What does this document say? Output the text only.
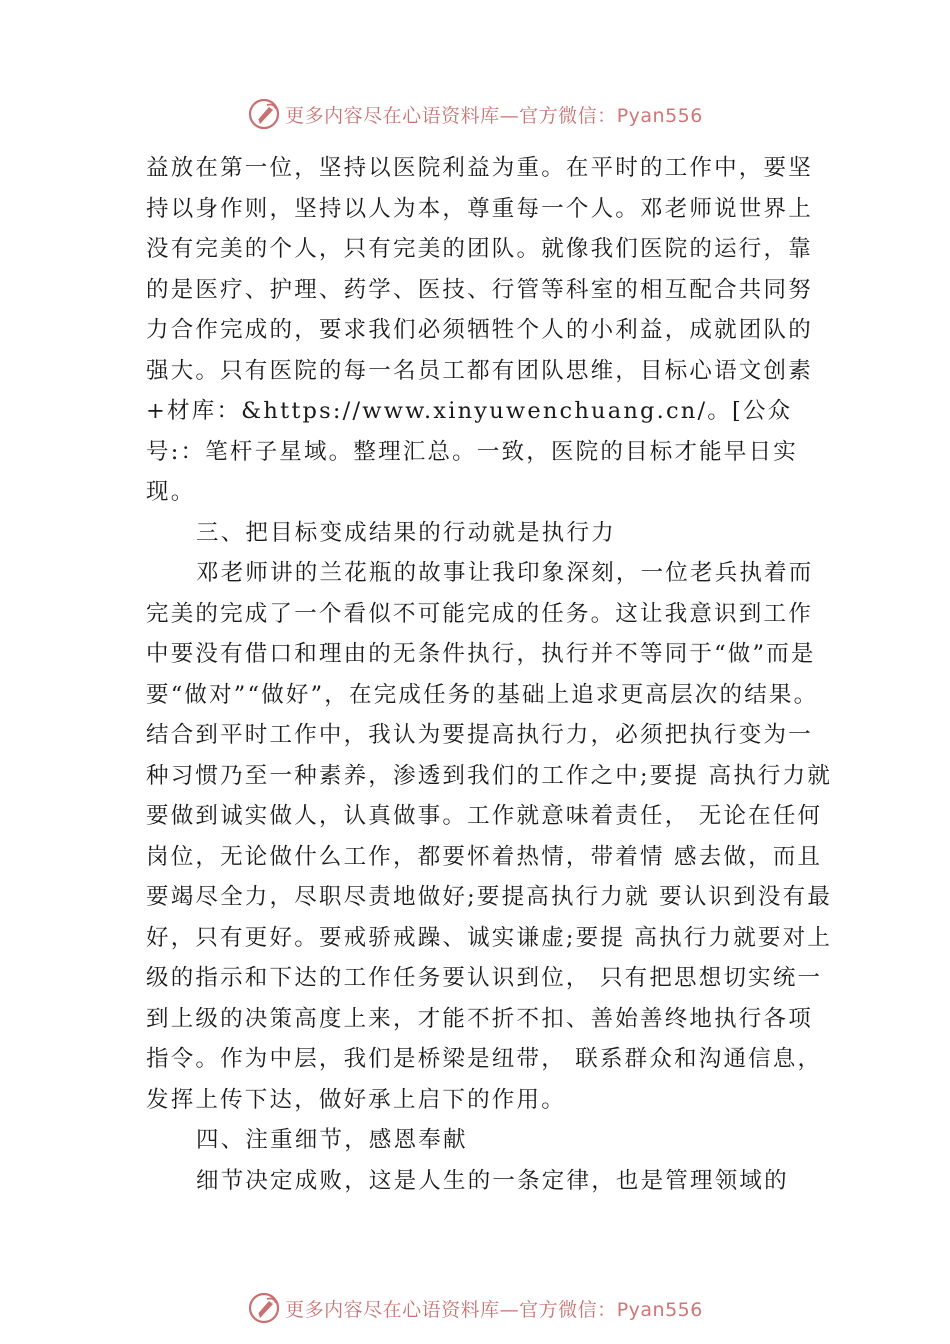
更多内容尽在心语资料库—官方微信：Pyan556

益放在第一位，坚持以医院利益为重。在平时的工作中，要坚持以身作则，坚持以人为本，尊重每一个人。邓老师说世界上没有完美的个人，只有完美的团队。就像我们医院的运行，靠的是医疗、护理、药学、医技、行管等科室的相互配合共同努力合作完成的，要求我们必须牺牲个人的小利益，成就团队的强大。只有医院的每一名员工都有团队思维，目标心语文创素+材库：&https://www.xinyuwenchuang.cn/。[公众号:：笔杆子星域。整理汇总。一致，医院的目标才能早日实现。

三、把目标变成结果的行动就是执行力

邓老师讲的兰花瓶的故事让我印象深刻，一位老兵执着而完美的完成了一个看似不可能完成的任务。这让我意识到工作中要没有借口和理由的无条件执行，执行并不等同于“做”而是要“做对”“做好”，在完成任务的基础上追求更高层次的结果。结合到平时工作中，我认为要提高执行力，必须把执行变为一种习惯乃至一种素养，渗透到我们的工作之中;要提 高执行力就要做到诚实做人，认真做事。工作就意味着责任， 无论在任何岗位，无论做什么工作，都要怀着热情，带着情 感去做，而且要竭尽全力，尽职尽责地做好;要提高执行力就 要认识到没有最好，只有更好。要戒骄戒躁、诚实谦虚;要提 高执行力就要对上级的指示和下达的工作任务要认识到位， 只有把思想切实统一到上级的决策高度上来，才能不折不扣、善始善终地执行各项指令。作为中层，我们是桥梁是纽带， 联系群众和沟通信息，发挥上传下达，做好承上启下的作用。

四、注重细节，感恩奉献

细节决定成败，这是人生的一条定律，也是管理领域的

更多内容尽在心语资料库—官方微信：Pyan556
